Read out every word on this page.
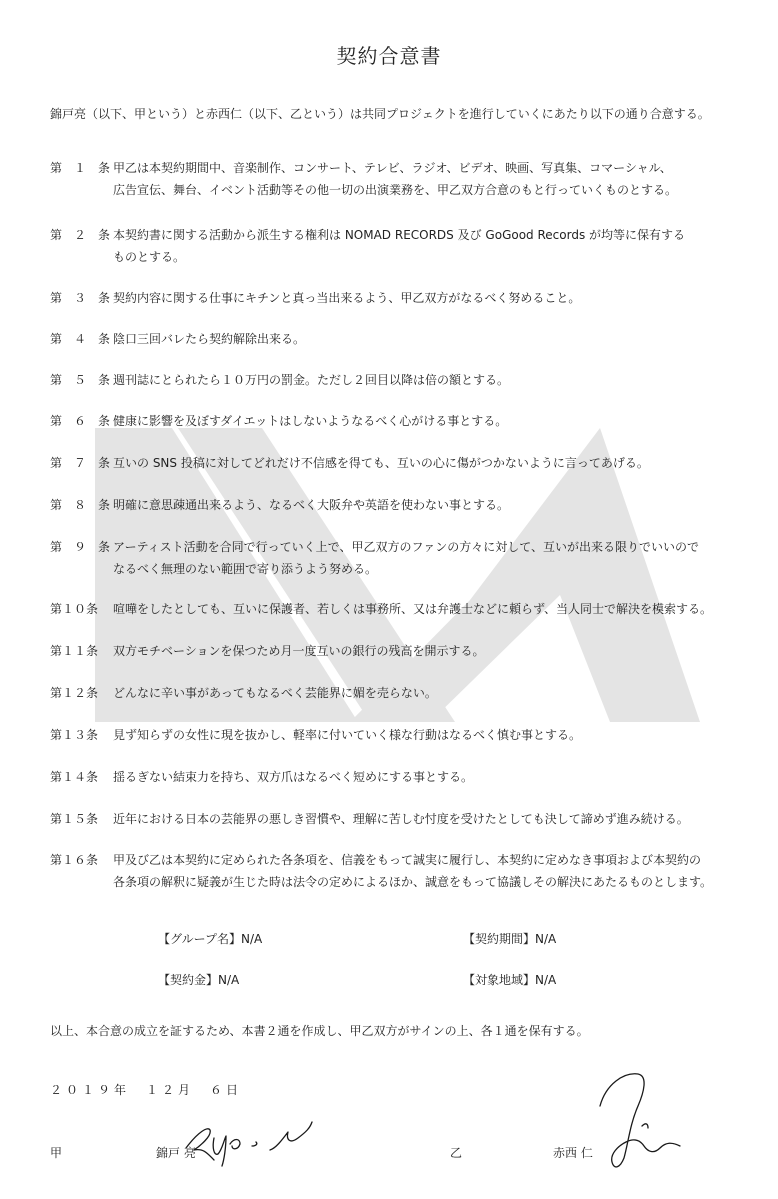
契約合意書
錦戸亮（以下、甲という）と赤西仁（以下、乙という）は共同プロジェクトを進行していくにあたり以下の通り合意する。
第　１　条 甲乙は本契約期間中、音楽制作、コンサート、テレビ、ラジオ、ビデオ、映画、写真集、コマーシャル、
広告宣伝、舞台、イベント活動等その他一切の出演業務を、甲乙双方合意のもと行っていくものとする。
第　２　条 本契約書に関する活動から派生する権利は NOMAD RECORDS 及び GoGood Records が均等に保有する
ものとする。
第　３　条 契約内容に関する仕事にキチンと真っ当出来るよう、甲乙双方がなるべく努めること。
第　４　条 陰口三回バレたら契約解除出来る。
第　５　条 週刊誌にとられたら１０万円の罰金。ただし２回目以降は倍の額とする。
第　６　条 健康に影響を及ぼすダイエットはしないようなるべく心がける事とする。
第　７　条 互いの SNS 投稿に対してどれだけ不信感を得ても、互いの心に傷がつかないように言ってあげる。
第　８　条 明確に意思疎通出来るよう、なるべく大阪弁や英語を使わない事とする。
第　９　条 アーティスト活動を合同で行っていく上で、甲乙双方のファンの方々に対して、互いが出来る限りでいいので
なるべく無理のない範囲で寄り添うよう努める。
第１０条	喧嘩をしたとしても、互いに保護者、若しくは事務所、又は弁護士などに頼らず、当人同士で解決を模索する。
第１１条	双方モチベーションを保つため月一度互いの銀行の残高を開示する。
第１２条	どんなに辛い事があってもなるべく芸能界に媚を売らない。
第１３条	見ず知らずの女性に現を抜かし、軽率に付いていく様な行動はなるべく慎む事とする。
第１４条	揺るぎない結束力を持ち、双方爪はなるべく短めにする事とする。
第１５条	近年における日本の芸能界の悪しき習慣や、理解に苦しむ忖度を受けたとしても決して諦めず進み続ける。
第１６条	甲及び乙は本契約に定められた各条項を、信義をもって誠実に履行し、本契約に定めなき事項および本契約の
各条項の解釈に疑義が生じた時は法令の定めによるほか、誠意をもって協議しその解決にあたるものとします。
【グループ名】N/A	【契約期間】N/A
【契約金】N/A	【対象地域】N/A
以上、本合意の成立を証するため、本書２通を作成し、甲乙双方がサインの上、各１通を保有する。
２０１９年　１２月　６日
甲	錦戸 亮	乙	赤西 仁
